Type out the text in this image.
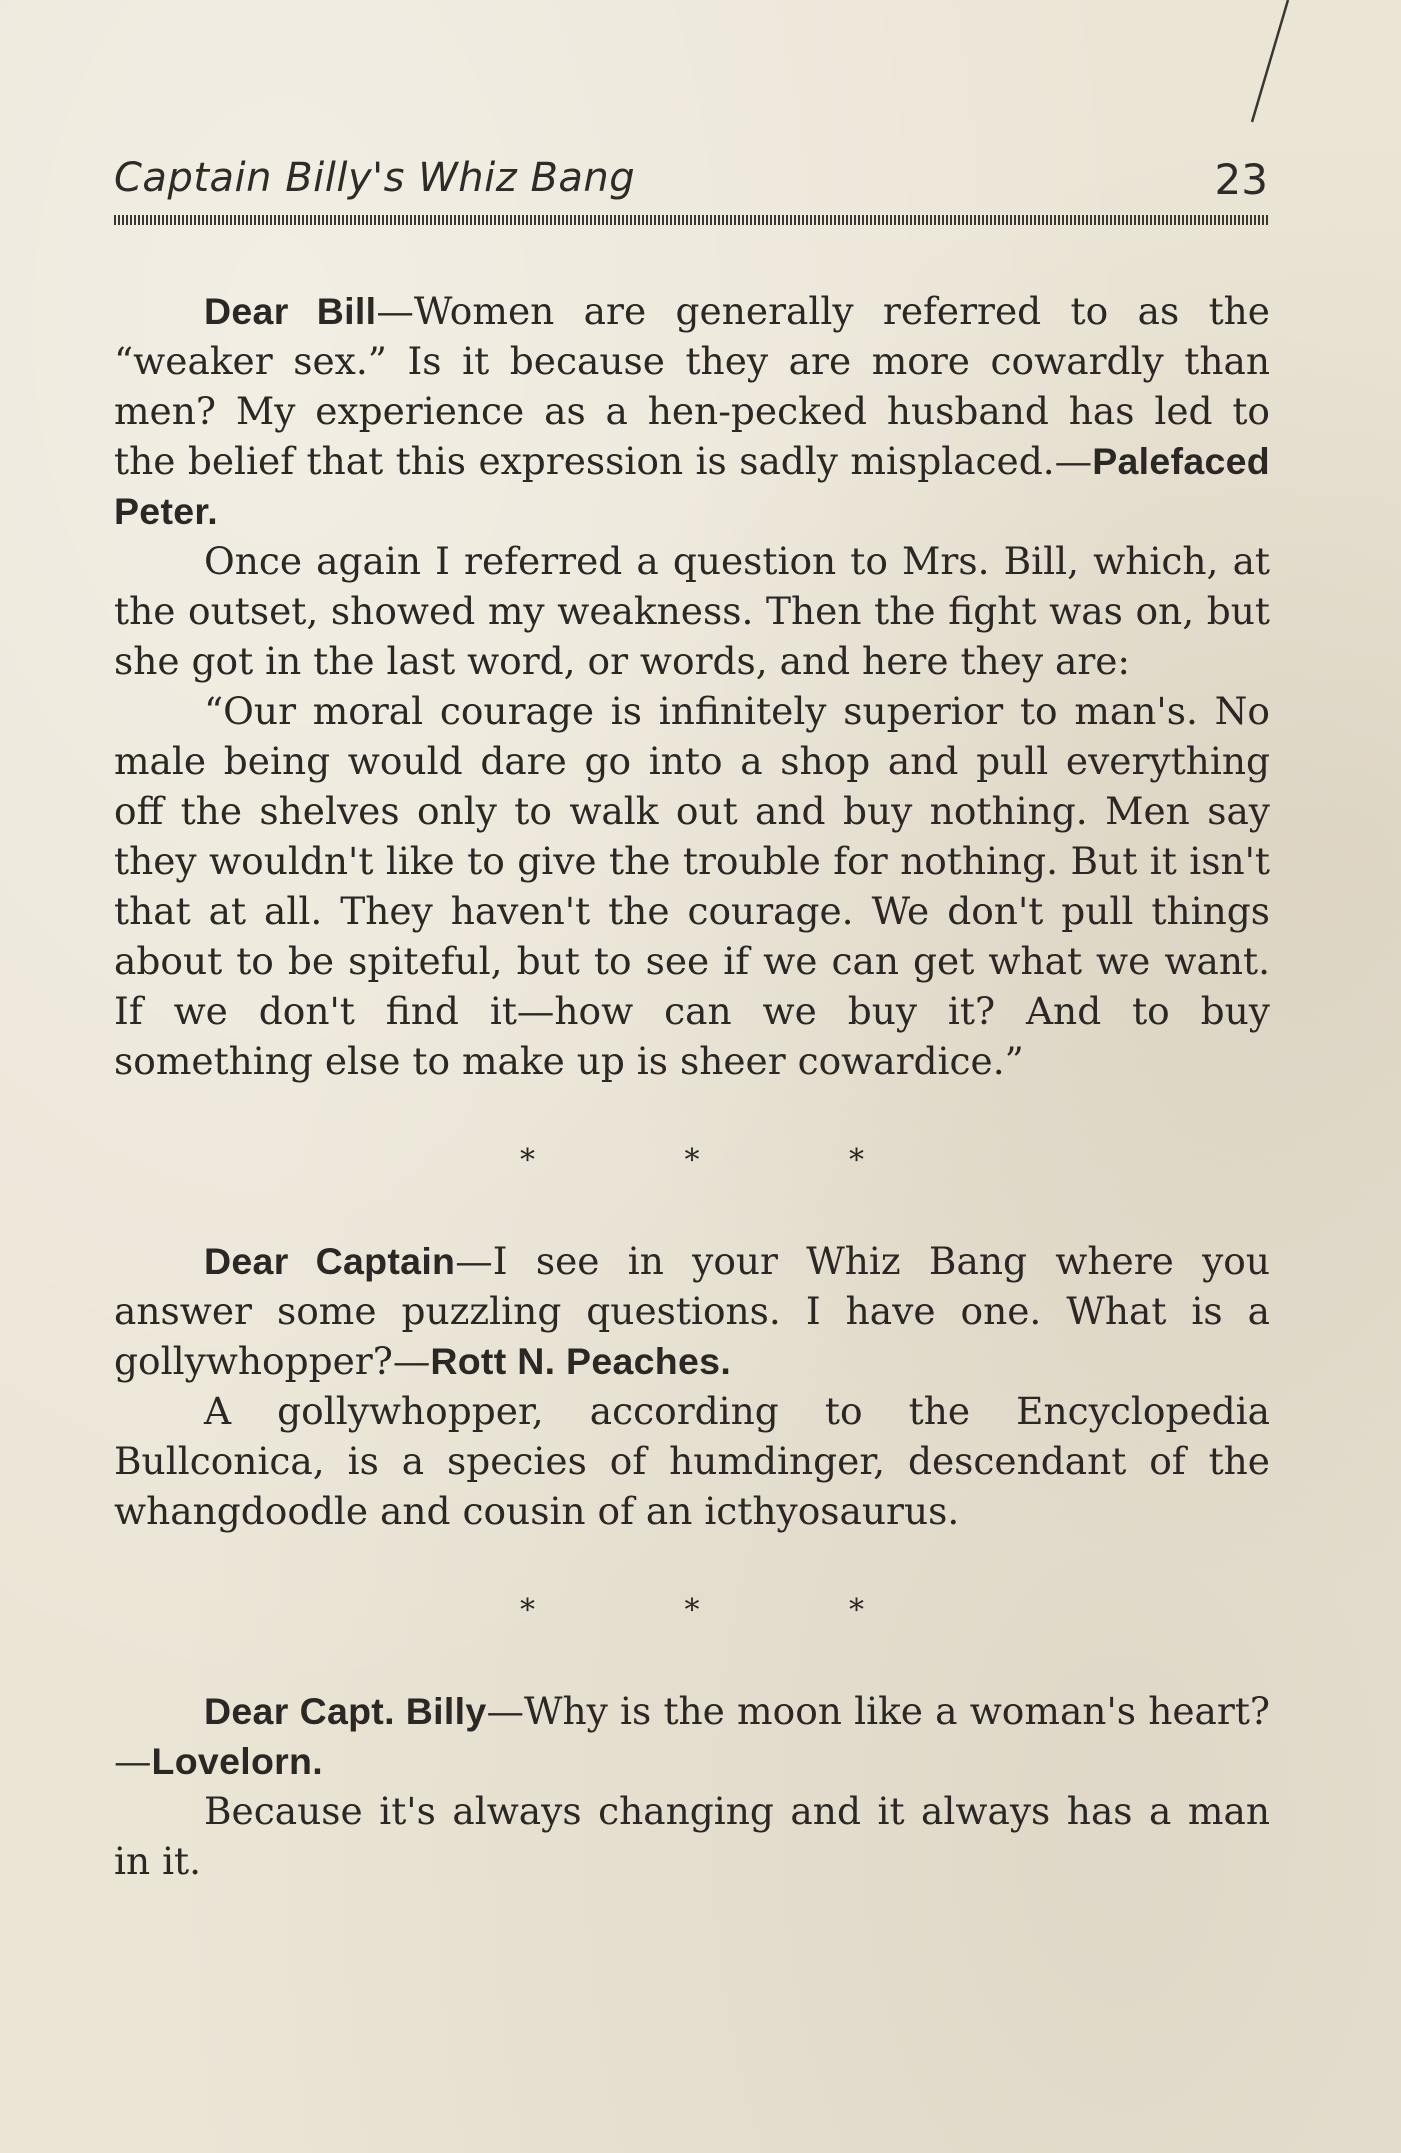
Captain Billy's Whiz Bang	23

Dear Bill—Women are generally referred to as the “weaker sex.” Is it because they are more cowardly than men? My experience as a hen-pecked husband has led to the belief that this expression is sadly misplaced.—Palefaced Peter.

Once again I referred a question to Mrs. Bill, which, at the outset, showed my weakness. Then the fight was on, but she got in the last word, or words, and here they are:

“Our moral courage is infinitely superior to man's. No male being would dare go into a shop and pull everything off the shelves only to walk out and buy nothing. Men say they wouldn't like to give the trouble for nothing. But it isn't that at all. They haven't the courage. We don't pull things about to be spiteful, but to see if we can get what we want. If we don't find it—how can we buy it? And to buy something else to make up is sheer cowardice.”

* * *

Dear Captain—I see in your Whiz Bang where you answer some puzzling questions. I have one. What is a gollywhopper?—Rott N. Peaches.

A gollywhopper, according to the Encyclopedia Bullconica, is a species of humdinger, descendant of the whangdoodle and cousin of an icthyosaurus.

* * *

Dear Capt. Billy—Why is the moon like a woman's heart?—Lovelorn.

Because it's always changing and it always has a man in it.
